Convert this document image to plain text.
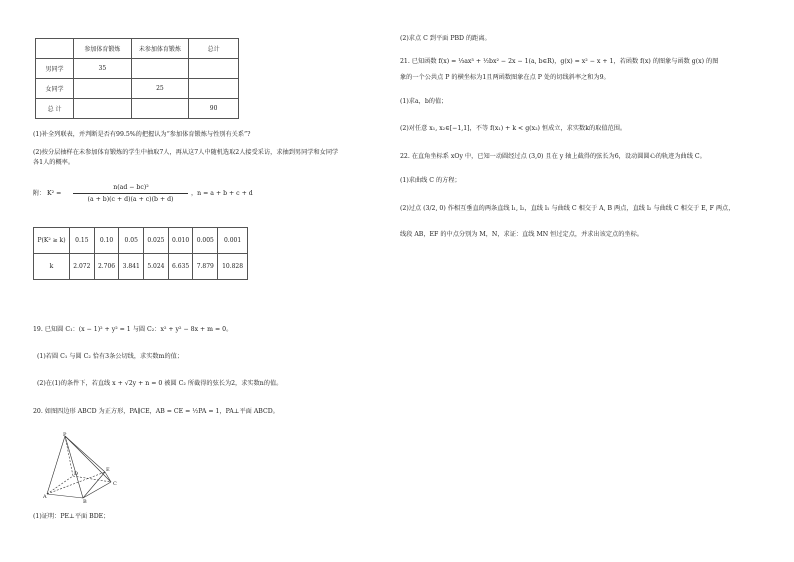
	参加体育锻炼	未参加体育锻炼	总计
男同学	35		
女同学		25	
总 计			90
(1)补全列联表，并判断是否有99.5%的把握认为“参加体育锻炼与性别有关系”?
(2)按分层抽样在未参加体育锻炼的学生中抽取7人，再从这7人中随机选取2人接受采访，求抽到男同学和女同学
各1人的概率。
附： K² =
n(ad − bc)²
(a + b)(c + d)(a + c)(b + d)
，n = a + b + c + d
P(K² ≥ k)	0.15	0.10	0.05	0.025	0.010	0.005	0.001
k	2.072	2.706	3.841	5.024	6.635	7.879	10.828
19. 已知圆 C₁：(x − 1)² + y² = 1 与圆 C₂：x² + y² − 8x + m = 0。
(1)若圆 C₁ 与圆 C₂ 恰有3条公切线，求实数m的值；
(2)在(1)的条件下，若直线 x + √2y + n = 0 被圆 C₂ 所截得的弦长为2，求实数n的值。
20. 如图四边形 ABCD 为正方形，PA∥CE，AB = CE = ½PA = 1，PA⊥平面 ABCD。
P
E
A
B
C
D
(1)证明：PE⊥平面 BDE；
(2)求点 C 到平面 PBD 的距离。
21. 已知函数 f(x) = ⅓ax³ + ½bx² − 2x − 1(a, b∈R)，g(x) = x² − x + 1，若函数 f(x) 的图象与函数 g(x) 的图
象的一个公共点 P 的横坐标为1且两函数图象在点 P 处的切线斜率之和为9。
(1)求a，b的值；
(2)对任意 x₁, x₂∈[−1,1]，不等 f(x₁) + k < g(x₂) 恒成立，求实数k的取值范围。
22. 在直角坐标系 xOy 中，已知一动圆经过点 (3,0) 且在 y 轴上截得的弦长为6，设动圆圆心的轨迹为曲线 C。
(1)求曲线 C 的方程；
(2)过点 (3/2, 0) 作相互垂直的两条直线 l₁, l₂，直线 l₁ 与曲线 C 相交于 A, B 两点，直线 l₂ 与曲线 C 相交于 E, F 两点，
线段 AB，EF 的中点分别为 M，N，求证：直线 MN 恒过定点，并求出该定点的坐标。
